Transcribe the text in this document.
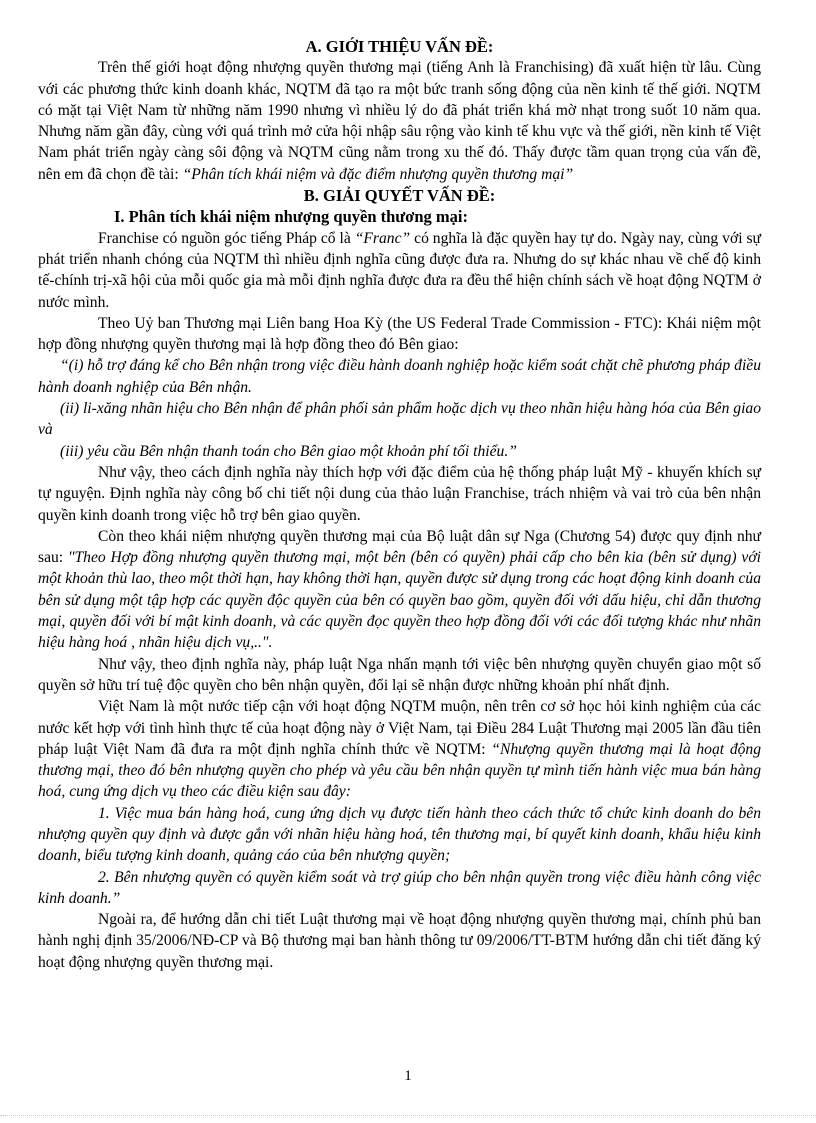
A. GIỚI THIỆU VẤN ĐỀ:

Trên thế giới hoạt động nhượng quyền thương mại (tiếng Anh là Franchising) đã xuất hiện từ lâu. Cùng với các phương thức kinh doanh khác, NQTM đã tạo ra một bức tranh sống động của nền kinh tế thế giới. NQTM có mặt tại Việt Nam từ những năm 1990 nhưng vì nhiều lý do đã phát triển khá mờ nhạt trong suốt 10 năm qua. Nhưng năm gần đây, cùng với quá trình mở cửa hội nhập sâu rộng vào kinh tế khu vực và thế giới, nền kinh tế Việt Nam phát triển ngày càng sôi động và NQTM cũng nằm trong xu thế đó. Thấy được tầm quan trọng của vấn đề, nên em đã chọn đề tài: “Phân tích khái niệm và đặc điểm nhượng quyền thương mại”

B. GIẢI QUYẾT VẤN ĐỀ:

I. Phân tích khái niệm nhượng quyền thương mại:

Franchise có nguồn góc tiếng Pháp cổ là “Franc” có nghĩa là đặc quyền hay tự do. Ngày nay, cùng với sự phát triển nhanh chóng của NQTM thì nhiều định nghĩa cũng được đưa ra. Nhưng do sự khác nhau về chế độ kinh tế-chính trị-xã hội của mỗi quốc gia mà mỗi định nghĩa được đưa ra đều thể hiện chính sách về hoạt động NQTM ở nước mình.

Theo Uỷ ban Thương mại Liên bang Hoa Kỳ (the US Federal Trade Commission - FTC): Khái niệm một hợp đồng nhượng quyền thương mại là hợp đồng theo đó Bên giao:

“(i) hỗ trợ đáng kể cho Bên nhận trong việc điều hành doanh nghiệp hoặc kiểm soát chặt chẽ phương pháp điều hành doanh nghiệp của Bên nhận.

(ii) li-xăng nhãn hiệu cho Bên nhận để phân phối sản phẩm hoặc dịch vụ theo nhãn hiệu hàng hóa của Bên giao và

(iii) yêu cầu Bên nhận thanh toán cho Bên giao một khoản phí tối thiểu.”

Như vậy, theo cách định nghĩa này thích hợp với đặc điểm của hệ thống pháp luật Mỹ - khuyến khích sự tự nguyện. Định nghĩa này công bố chi tiết nội dung của thảo luận Franchise, trách nhiệm và vai trò của bên nhận quyền kinh doanh trong việc hỗ trợ bên giao quyền.

Còn theo khái niệm nhượng quyền thương mại của Bộ luật dân sự Nga (Chương 54) được quy định như sau: "Theo Hợp đồng nhượng quyền thương mại, một bên (bên có quyền) phải cấp cho bên kia (bên sử dụng) với một khoản thù lao, theo một thời hạn, hay không thời hạn, quyền được sử dụng trong các hoạt động kinh doanh của bên sử dụng một tập hợp các quyền độc quyền của bên có quyền bao gồm, quyền đối với dấu hiệu, chỉ dẫn thương mại, quyền đối với bí mật kinh doanh, và các quyền đọc quyền theo hợp đồng đối với các đối tượng khác như nhãn hiệu hàng hoá , nhãn hiệu dịch vụ,..".

Như vậy, theo định nghĩa này, pháp luật Nga nhấn mạnh tới việc bên nhượng quyền chuyển giao một số quyền sở hữu trí tuệ độc quyền cho bên nhận quyền, đổi lại sẽ nhận được những khoản phí nhất định.

Việt Nam là một nước tiếp cận với hoạt động NQTM muộn, nên trên cơ sở học hỏi kinh nghiệm của các nước kết hợp với tình hình thực tế của hoạt động này ở Việt Nam, tại Điều 284 Luật Thương mại 2005 lần đầu tiên pháp luật Việt Nam đã đưa ra một định nghĩa chính thức về NQTM: “Nhượng quyền thương mại là hoạt động thương mại, theo đó bên nhượng quyền cho phép và yêu cầu bên nhận quyền tự mình tiến hành việc mua bán hàng hoá, cung ứng dịch vụ theo các điều kiện sau đây:

1. Việc mua bán hàng hoá, cung ứng dịch vụ được tiến hành theo cách thức tổ chức kinh doanh do bên nhượng quyền quy định và được gắn với nhãn hiệu hàng hoá, tên thương mại, bí quyết kinh doanh, khẩu hiệu kinh doanh, biểu tượng kinh doanh, quảng cáo của bên nhượng quyền;

2. Bên nhượng quyền có quyền kiểm soát và trợ giúp cho bên nhận quyền trong việc điều hành công việc kinh doanh.”

Ngoài ra, để hướng dẫn chi tiết Luật thương mại về hoạt động nhượng quyền thương mại, chính phủ ban hành nghị định 35/2006/NĐ-CP và Bộ thương mại ban hành thông tư 09/2006/TT-BTM hướng dẫn chi tiết đăng ký hoạt động nhượng quyền thương mại.

1
